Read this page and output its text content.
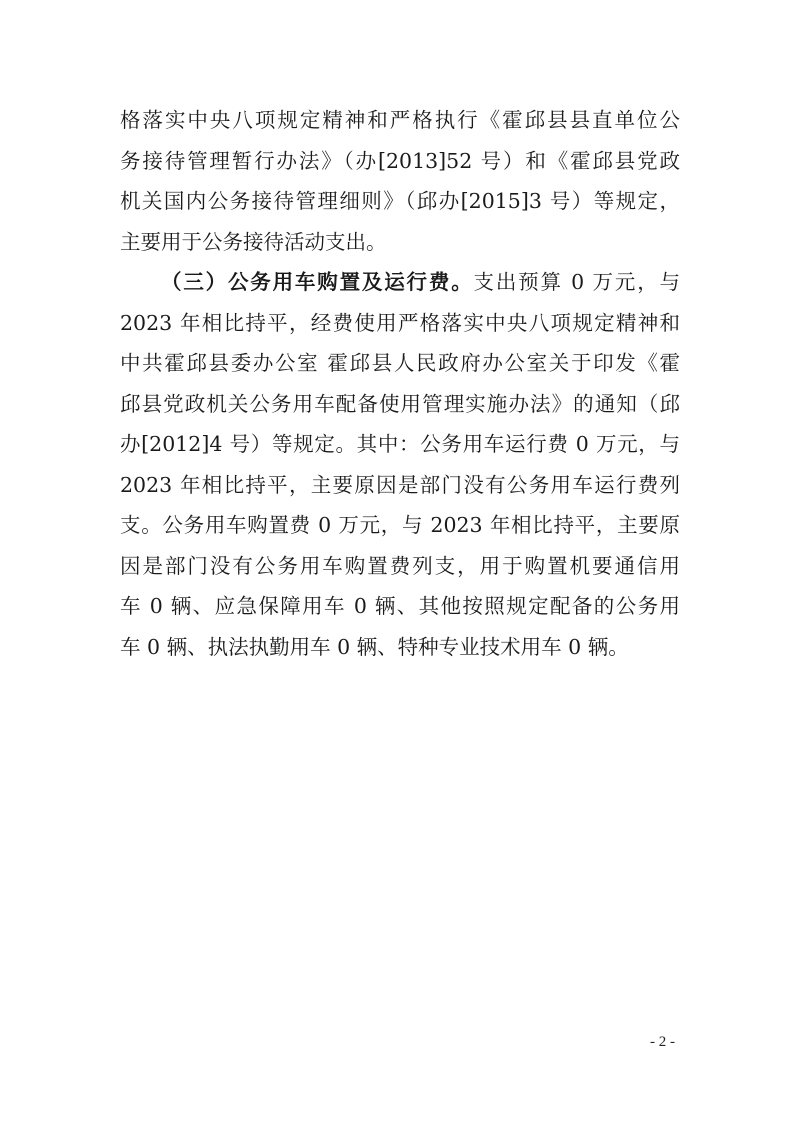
格落实中央八项规定精神和严格执行《霍邱县县直单位公
务接待管理暂行办法》（办[2013]52 号）和《霍邱县党政
机关国内公务接待管理细则》（邱办[2015]3 号）等规定，
主要用于公务接待活动支出。
（三）公务用车购置及运行费。支出预算 0 万元，与
2023 年相比持平，经费使用严格落实中央八项规定精神和
中共霍邱县委办公室 霍邱县人民政府办公室关于印发《霍
邱县党政机关公务用车配备使用管理实施办法》的通知（邱
办[2012]4 号）等规定。其中：公务用车运行费 0 万元，与
2023 年相比持平，主要原因是部门没有公务用车运行费列
支。公务用车购置费 0 万元，与 2023 年相比持平，主要原
因是部门没有公务用车购置费列支，用于购置机要通信用
车 0 辆、应急保障用车 0 辆、其他按照规定配备的公务用
车 0 辆、执法执勤用车 0 辆、特种专业技术用车 0 辆。
- 2 -
